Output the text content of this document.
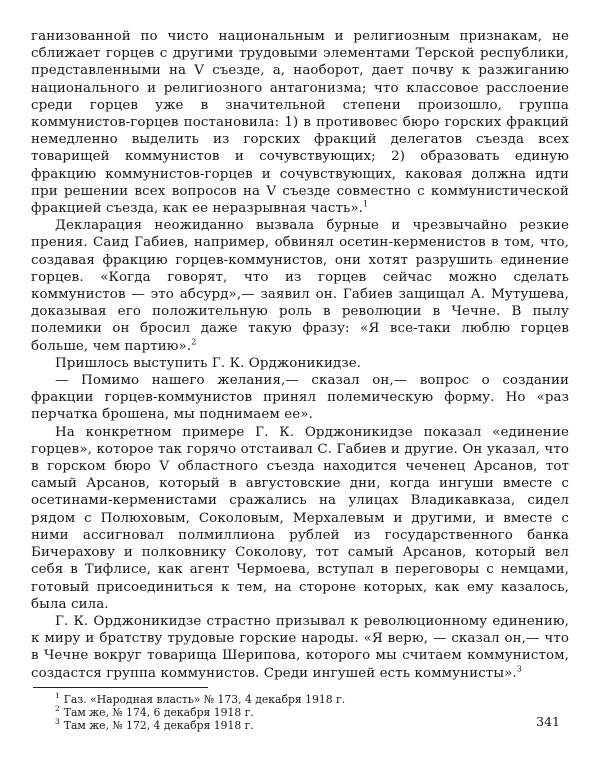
ганизованной по чисто национальным и религиозным признакам, не сближает горцев с другими трудовыми элементами Терской республики, представленными на V съезде, а, наоборот, дает почву к разжиганию национального и религиозного антагонизма; что классовое расслоение среди горцев уже в значительной степени произошло, группа коммунистов-горцев постановила: 1) в противовес бюро горских фракций немедленно выделить из горских фракций делегатов съезда всех товарищей коммунистов и сочувствующих; 2) образовать единую фракцию коммунистов-горцев и сочувствующих, каковая должна идти при решении всех вопросов на V съезде совместно с коммунистической фракцией съезда, как ее неразрывная часть».$^1$

Декларация неожиданно вызвала бурные и чрезвычайно резкие прения. Саид Габиев, например, обвинял осетин-керменистов в том, что, создавая фракцию горцев-коммунистов, они хотят разрушить единение горцев. «Когда говорят, что из горцев сейчас можно сделать коммунистов — это абсурд»,— заявил он. Габиев защищал А. Мутушева, доказывая его положительную роль в революции в Чечне. В пылу полемики он бросил даже такую фразу: «Я все-таки люблю горцев больше, чем партию».$^2$

Пришлось выступить Г. К. Орджоникидзе.

— Помимо нашего желания,— сказал он,— вопрос о создании фракции горцев-коммунистов принял полемическую форму. Но «раз перчатка брошена, мы поднимаем ее».

На конкретном примере Г. К. Орджоникидзе показал «единение горцев», которое так горячо отстаивал С. Габиев и другие. Он указал, что в горском бюро V областного съезда находится чеченец Арсанов, тот самый Арсанов, который в августовские дни, когда ингуши вместе с осетинами-керменистами сражались на улицах Владикавказа, сидел рядом с Полюховым, Соколовым, Мерхалевым и другими, и вместе с ними ассигновал полмиллиона рублей из государственного банка Бичерахову и полковнику Соколову, тот самый Арсанов, который вел себя в Тифлисе, как агент Чермоева, вступал в переговоры с немцами, готовый присоединиться к тем, на стороне которых, как ему казалось, была сила.

Г. К. Орджоникидзе страстно призывал к революционному единению, к миру и братству трудовые горские народы. «Я верю, — сказал он,— что в Чечне вокруг товарища Шерипова, которого мы считаем коммунистом, создастся группа коммунистов. Среди ингушей есть коммунисты».$^3$

$^1$ Газ. «Народная власть» № 173, 4 декабря 1918 г.

$^2$ Там же, № 174, 6 декабря 1918 г.

$^3$ Там же, № 172, 4 декабря 1918 г.	341
